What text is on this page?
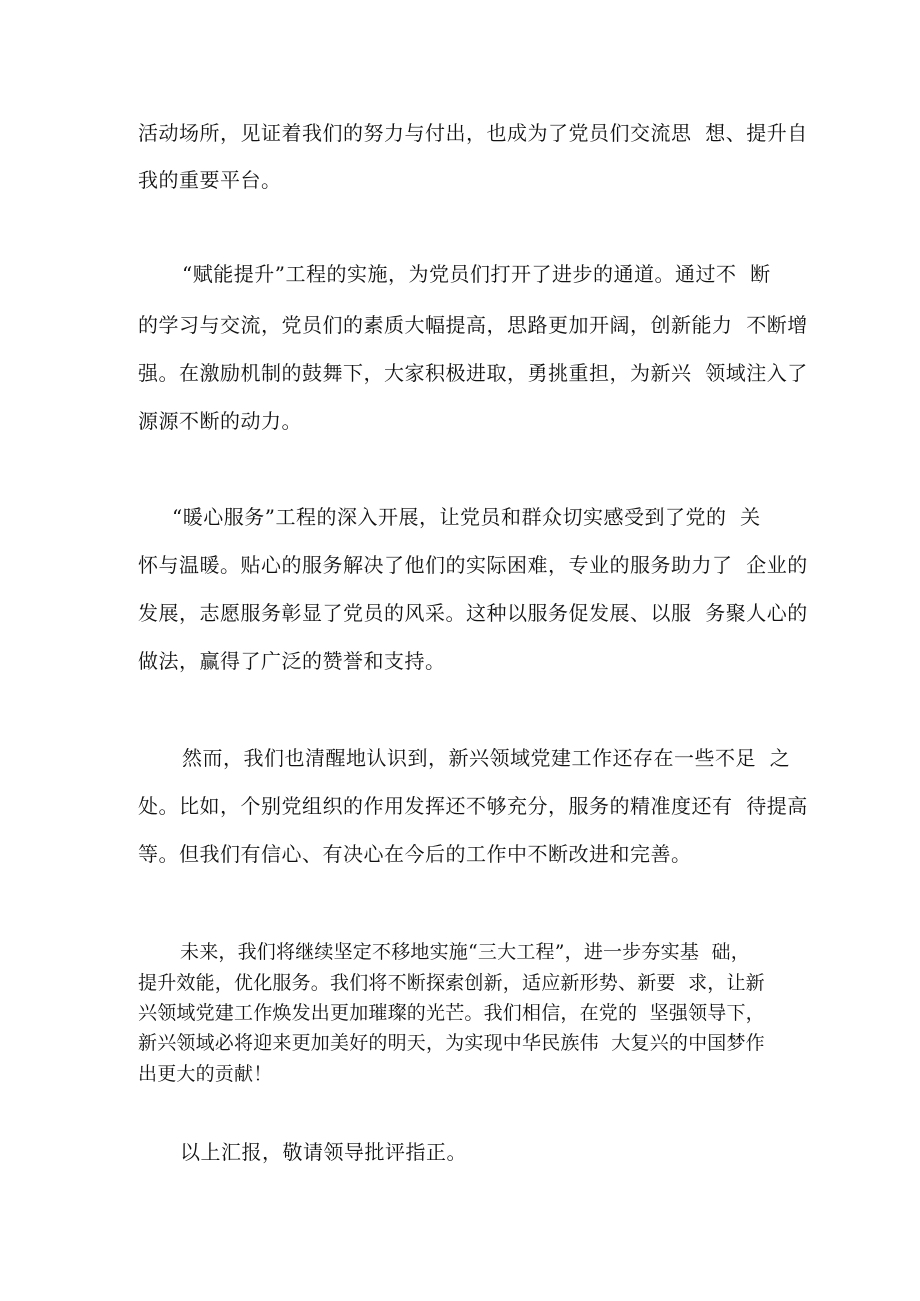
活动场所，见证着我们的努力与付出，也成为了党员们交流思  想、提升自
我的重要平台。
“赋能提升”工程的实施，为党员们打开了进步的通道。通过不  断
的学习与交流，党员们的素质大幅提高，思路更加开阔，创新能力  不断增
强。在激励机制的鼓舞下，大家积极进取，勇挑重担，为新兴  领域注入了
源源不断的动力。
“暖心服务”工程的深入开展，让党员和群众切实感受到了党的  关
怀与温暖。贴心的服务解决了他们的实际困难，专业的服务助力了  企业的
发展，志愿服务彰显了党员的风采。这种以服务促发展、以服  务聚人心的
做法，赢得了广泛的赞誉和支持。
然而，我们也清醒地认识到，新兴领域党建工作还存在一些不足  之
处。比如，个别党组织的作用发挥还不够充分，服务的精准度还有  待提高
等。但我们有信心、有决心在今后的工作中不断改进和完善。
未来，我们将继续坚定不移地实施“三大工程”，进一步夯实基  础，
提升效能，优化服务。我们将不断探索创新，适应新形势、新要  求，让新
兴领域党建工作焕发出更加璀璨的光芒。我们相信，在党的  坚强领导下，
新兴领域必将迎来更加美好的明天，为实现中华民族伟  大复兴的中国梦作
出更大的贡献！
以上汇报，敬请领导批评指正。
